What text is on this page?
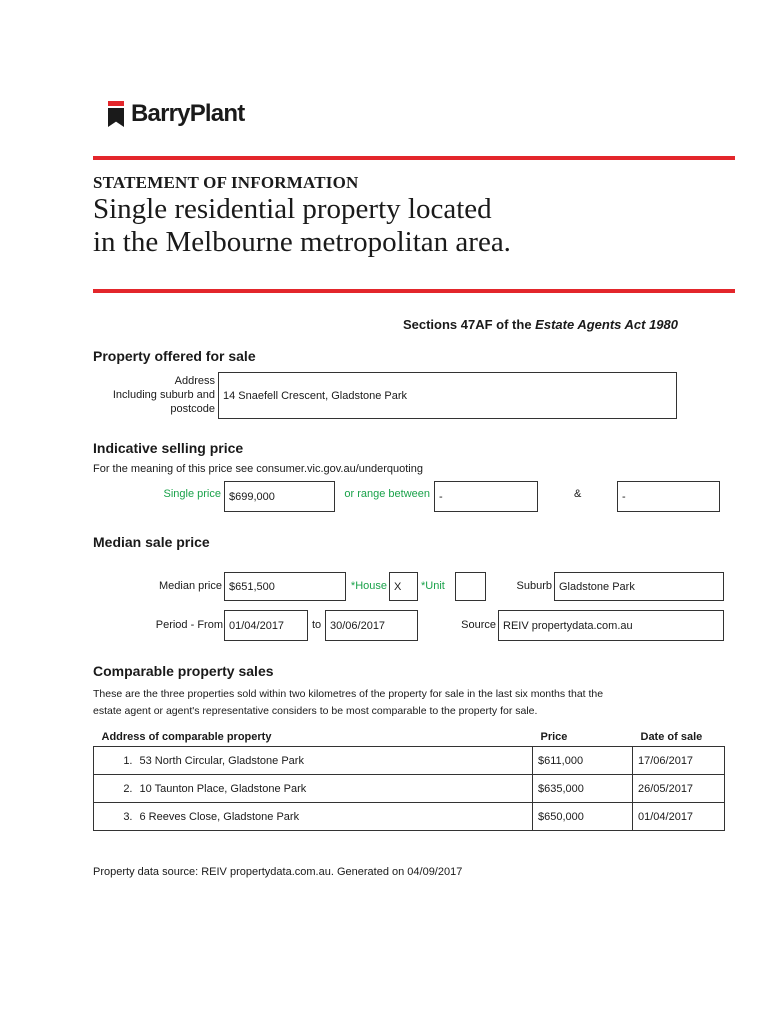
BarryPlant
STATEMENT OF INFORMATION
Single residential property located
in the Melbourne metropolitan area.
Sections 47AF of the Estate Agents Act 1980
Property offered for sale
Address
Including suburb and
postcode
14 Snaefell Crescent, Gladstone Park
Indicative selling price
For the meaning of this price see consumer.vic.gov.au/underquoting
Single price $699,000	or range between -	&	-
Median sale price
Median price $651,500	*House X	*Unit	Suburb Gladstone Park
Period - From 01/04/2017	to 30/06/2017	Source REIV propertydata.com.au
Comparable property sales
These are the three properties sold within two kilometres of the property for sale in the last six months that the
estate agent or agent's representative considers to be most comparable to the property for sale.
Address of comparable property		Price	Date of sale
1.	53 North Circular, Gladstone Park	$611,000	17/06/2017
2.	10 Taunton Place, Gladstone Park	$635,000	26/05/2017
3.	6 Reeves Close, Gladstone Park	$650,000	01/04/2017
Property data source: REIV propertydata.com.au. Generated on 04/09/2017
